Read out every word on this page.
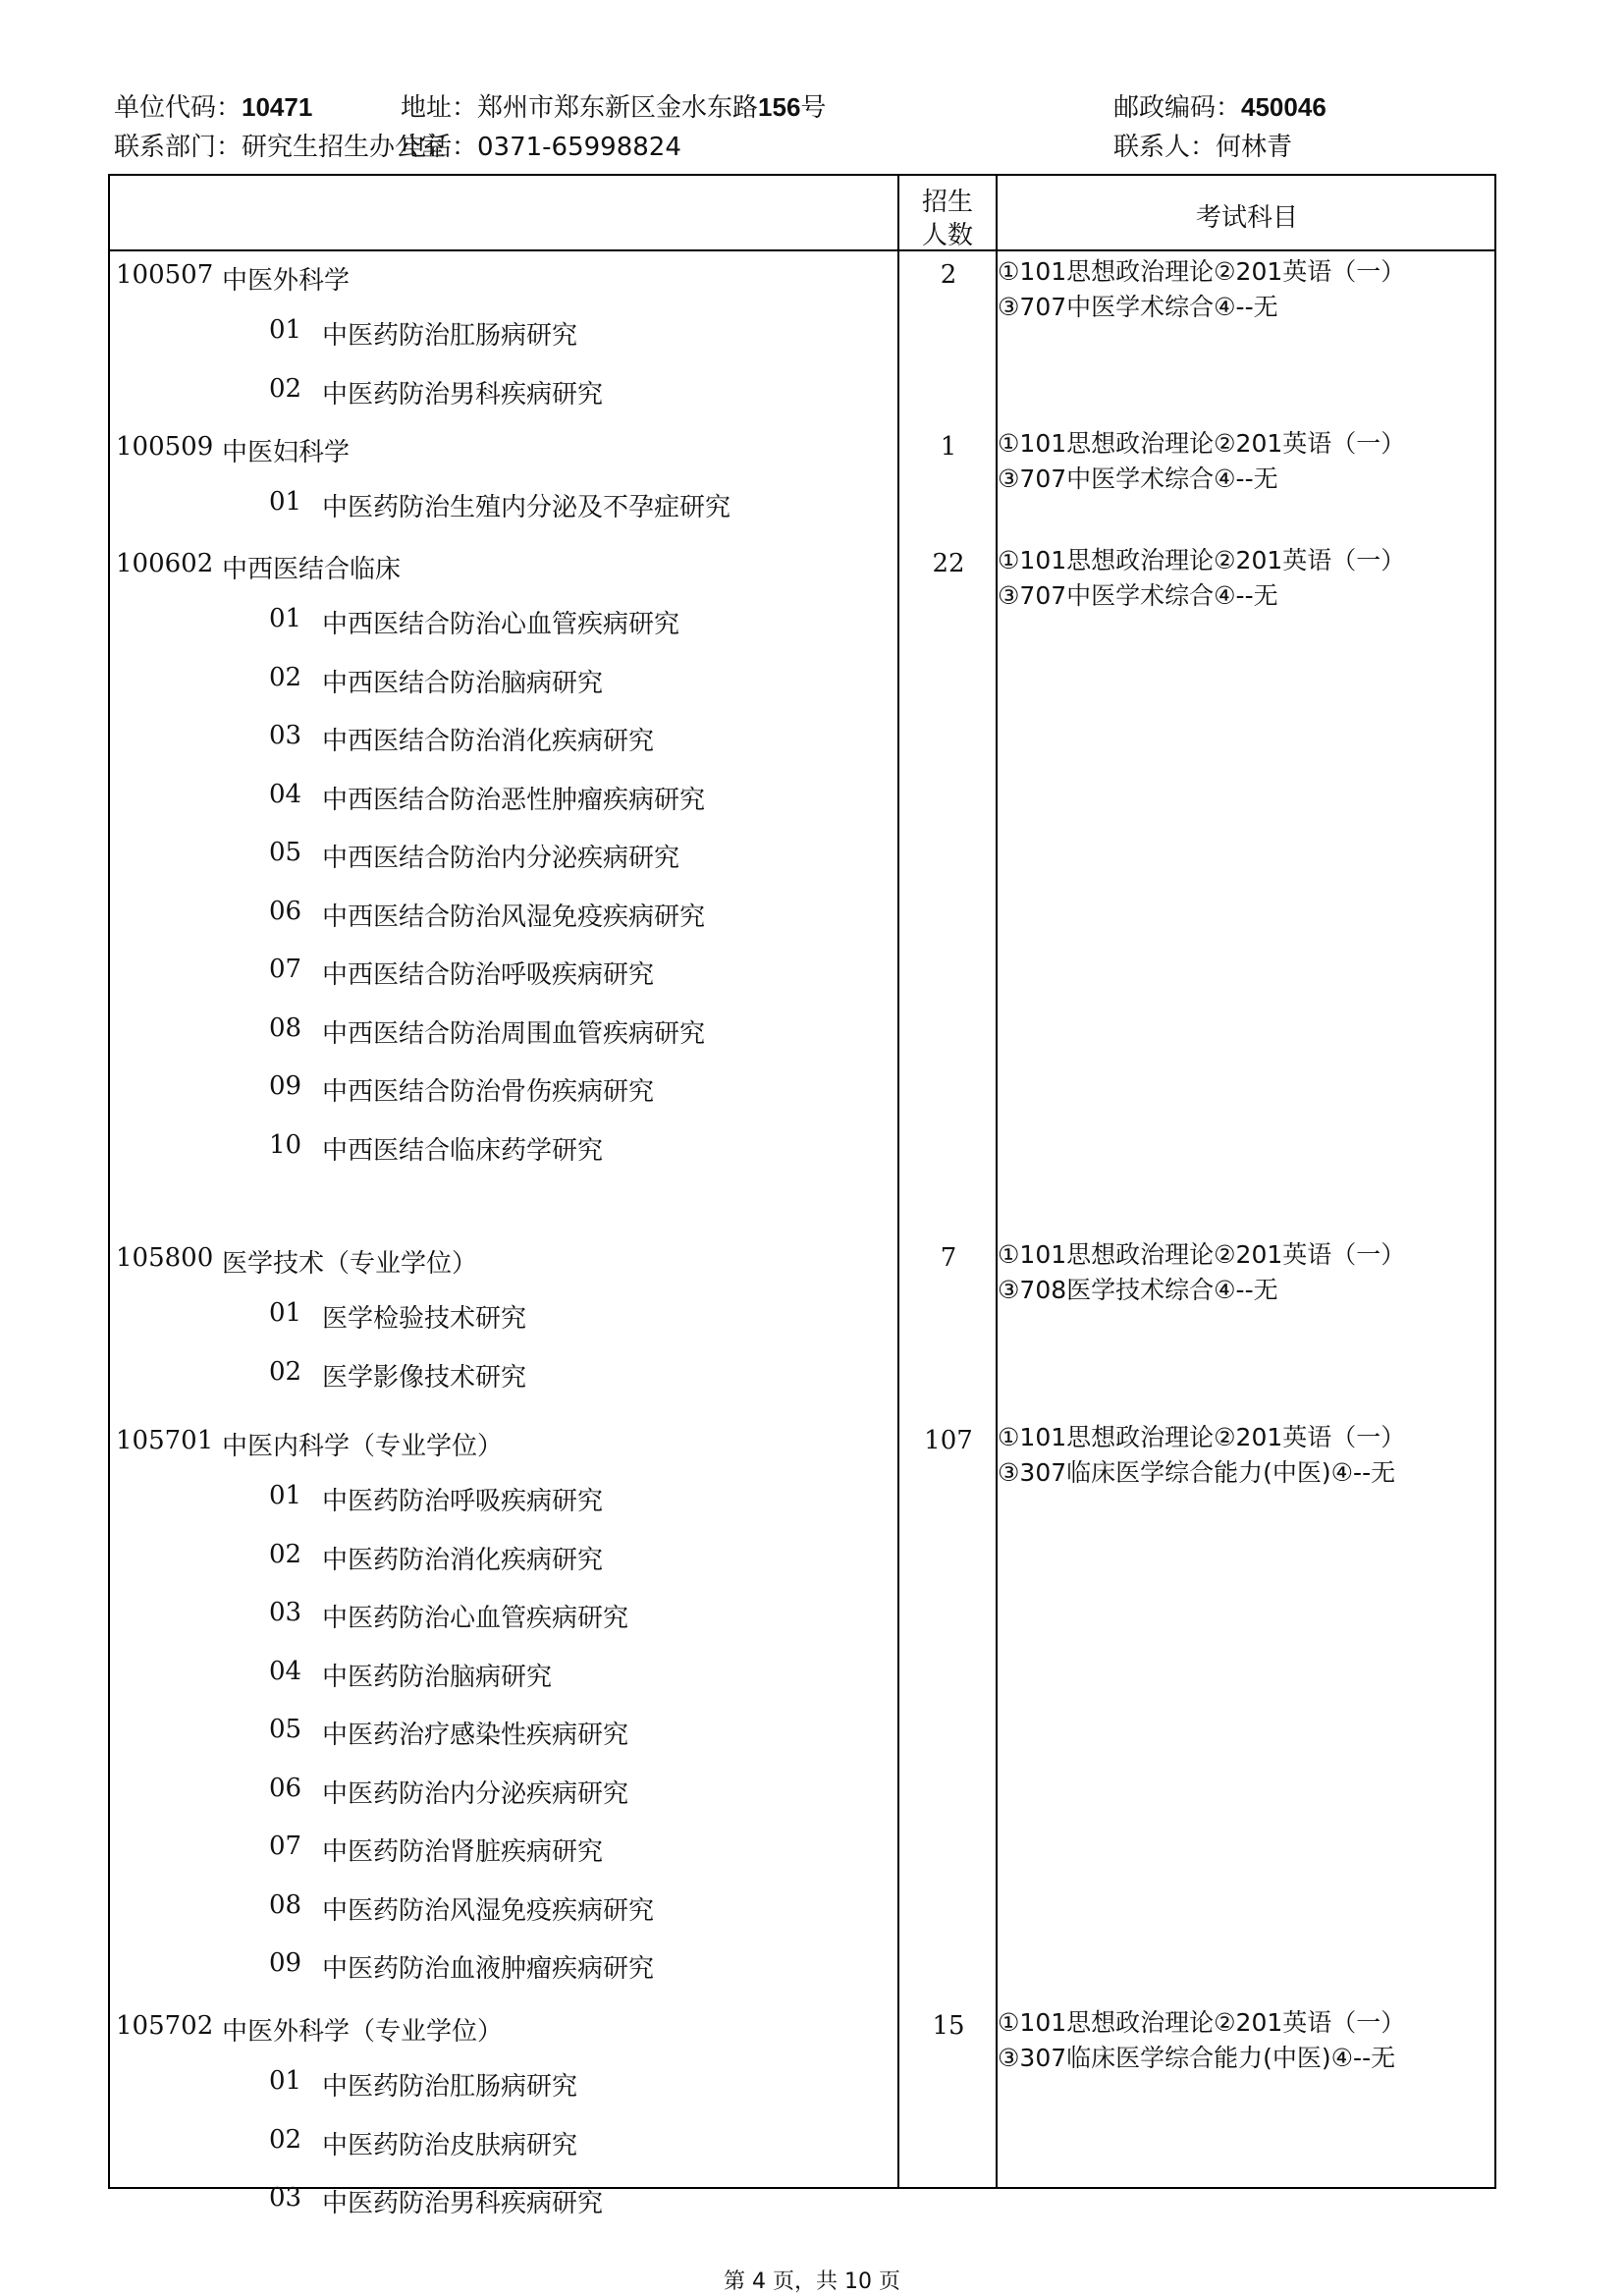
单位代码：10471	地址：郑州市郑东新区金水东路156号	邮政编码：450046
联系部门：研究生招生办公室
电话：0371-65998824	联系人：何林青
招生
人数
考试科目
100507 中医外科学	2	①101思想政治理论②201英语（一）
③707中医学术综合④--无
01 中医药防治肛肠病研究
02 中医药防治男科疾病研究
100509 中医妇科学	1	①101思想政治理论②201英语（一）
③707中医学术综合④--无
01 中医药防治生殖内分泌及不孕症研究
100602 中西医结合临床	22	①101思想政治理论②201英语（一）
③707中医学术综合④--无
01 中西医结合防治心血管疾病研究
02 中西医结合防治脑病研究
03 中西医结合防治消化疾病研究
04 中西医结合防治恶性肿瘤疾病研究
05 中西医结合防治内分泌疾病研究
06 中西医结合防治风湿免疫疾病研究
07 中西医结合防治呼吸疾病研究
08 中西医结合防治周围血管疾病研究
09 中西医结合防治骨伤疾病研究
10 中西医结合临床药学研究
105800 医学技术（专业学位）	7	①101思想政治理论②201英语（一）
③708医学技术综合④--无
01 医学检验技术研究
02 医学影像技术研究
105701 中医内科学（专业学位）	107	①101思想政治理论②201英语（一）
③307临床医学综合能力(中医)④--无
01 中医药防治呼吸疾病研究
02 中医药防治消化疾病研究
03 中医药防治心血管疾病研究
04 中医药防治脑病研究
05 中医药治疗感染性疾病研究
06 中医药防治内分泌疾病研究
07 中医药防治肾脏疾病研究
08 中医药防治风湿免疫疾病研究
09 中医药防治血液肿瘤疾病研究
105702 中医外科学（专业学位）	15	①101思想政治理论②201英语（一）
③307临床医学综合能力(中医)④--无
01 中医药防治肛肠病研究
02 中医药防治皮肤病研究
03 中医药防治男科疾病研究
第 4 页，共 10 页
